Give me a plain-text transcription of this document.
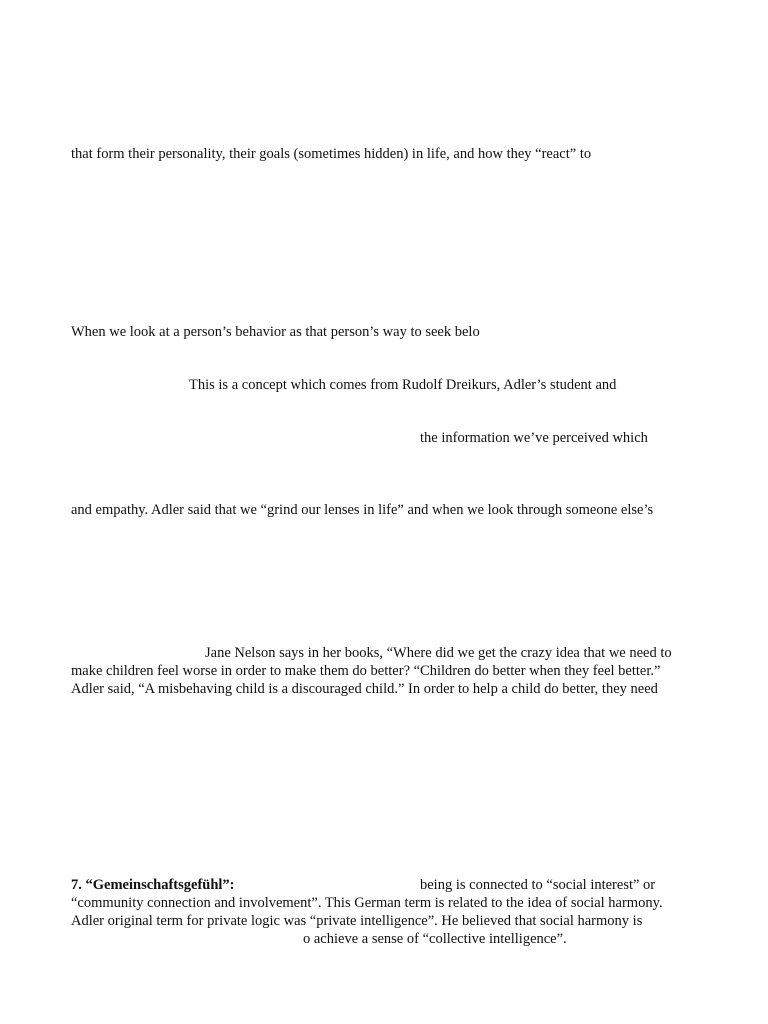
that form their personality, their goals (sometimes hidden) in life, and how they “react” to
When we look at a person’s behavior as that person’s way to seek belo
This is a concept which comes from Rudolf Dreikurs, Adler’s student and
the information we’ve perceived which
and empathy. Adler said that we “grind our lenses in life” and when we look through someone else’s
Jane Nelson says in her books, “Where did we get the crazy idea that we need to
make children feel worse in order to make them do better? “Children do better when they feel better.”
Adler said, “A misbehaving child is a discouraged child.” In order to help a child do better, they need
7. “Gemeinschaftsgefühl”:	being is connected to “social interest” or
“community connection and involvement”. This German term is related to the idea of social harmony.
Adler original term for private logic was “private intelligence”. He believed that social harmony is
o achieve a sense of “collective intelligence”.
